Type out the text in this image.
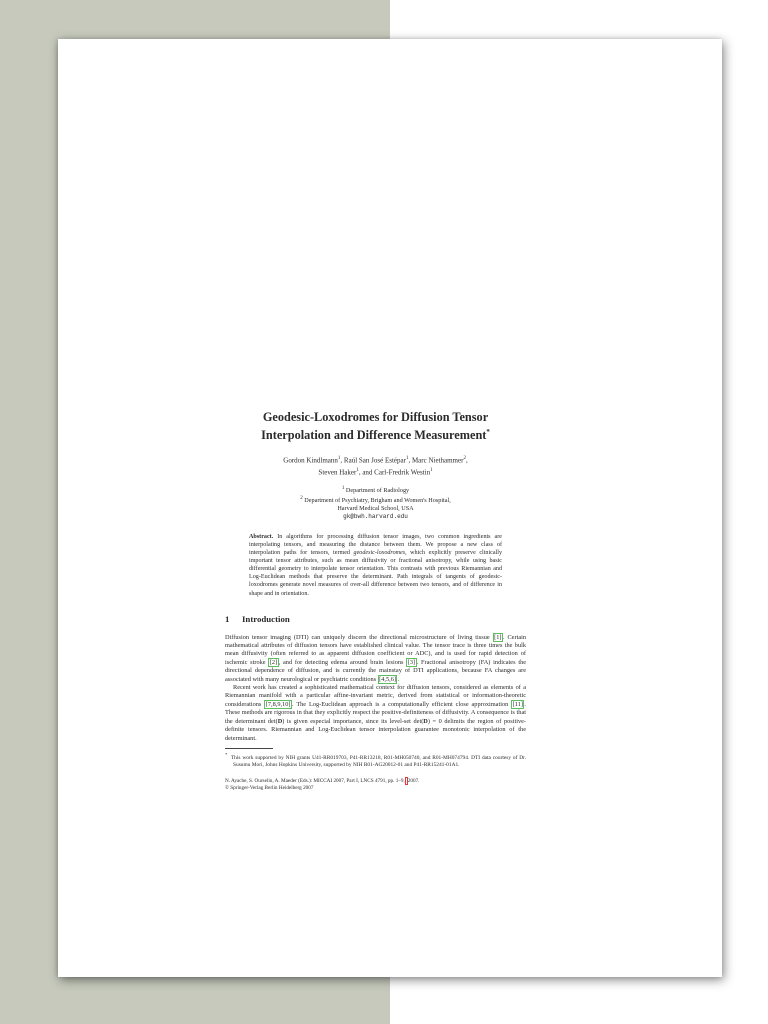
Geodesic-Loxodromes for Diffusion Tensor
Interpolation and Difference Measurement*
Gordon Kindlmann$^1$, Raúl San José Estépar$^1$, Marc Niethammer$^2$,
Steven Haker$^1$, and Carl-Fredrik Westin$^1$
$^1$ Department of Radiology
$^2$ Department of Psychiatry, Brigham and Women's Hospital,
Harvard Medical School, USA
gk@bwh.harvard.edu
Abstract. In algorithms for processing diffusion tensor images, two common ingredients are interpolating tensors, and measuring the distance between them. We propose a new class of interpolation paths for tensors, termed geodesic-loxodromes, which explicitly preserve clinically important tensor attributes, such as mean diffusivity or fractional anisotropy, while using basic differential geometry to interpolate tensor orientation. This contrasts with previous Riemannian and Log-Euclidean methods that preserve the determinant. Path integrals of tangents of geodesic-loxodromes generate novel measures of over-all difference between two tensors, and of difference in shape and in orientation.
1 Introduction

Diffusion tensor imaging (DTI) can uniquely discern the directional microstructure of living tissue [1] . Certain mathematical attributes of diffusion tensors have established clinical value. The tensor trace is three times the bulk mean diffusivity (often referred to as apparent diffusion coefficient or ADC), and is used for rapid detection of ischemic stroke [2] , and for detecting edema around brain lesions [3] . Fractional anisotropy (FA) indicates the directional dependence of diffusion, and is currently the mainstay of DTI applications, because FA changes are associated with many neurological or psychiatric conditions [4,5,6] .

Recent work has created a sophisticated mathematical context for diffusion tensors, considered as elements of a Riemannian manifold with a particular affine-invariant metric, derived from statistical or information-theoretic considerations [7,8,9,10] . The Log-Euclidean approach is a computationally efficient close approximation [11] . These methods are rigorous in that they explicitly respect the positive-definiteness of diffusivity. A consequence is that the determinant det(D) is given especial importance, since its level-set det(D) = 0 delimits the region of positive-definite tensors. Riemannian and Log-Euclidean tensor interpolation guarantee monotonic interpolation of the determinant.

*  This work supported by NIH grants U41-RR019703, P41-RR13218, R01-MH050740, and R01-MH074794. DTI data courtesy of Dr. Susumu Mori, Johns Hopkins University, supported by NIH R01-AG20012-01 and P41-RR15241-01A1.
N. Ayache, S. Ourselin, A. Maeder (Eds.): MICCAI 2007, Part I, LNCS 4791, pp. 1–9, 2007.
© Springer-Verlag Berlin Heidelberg 2007
